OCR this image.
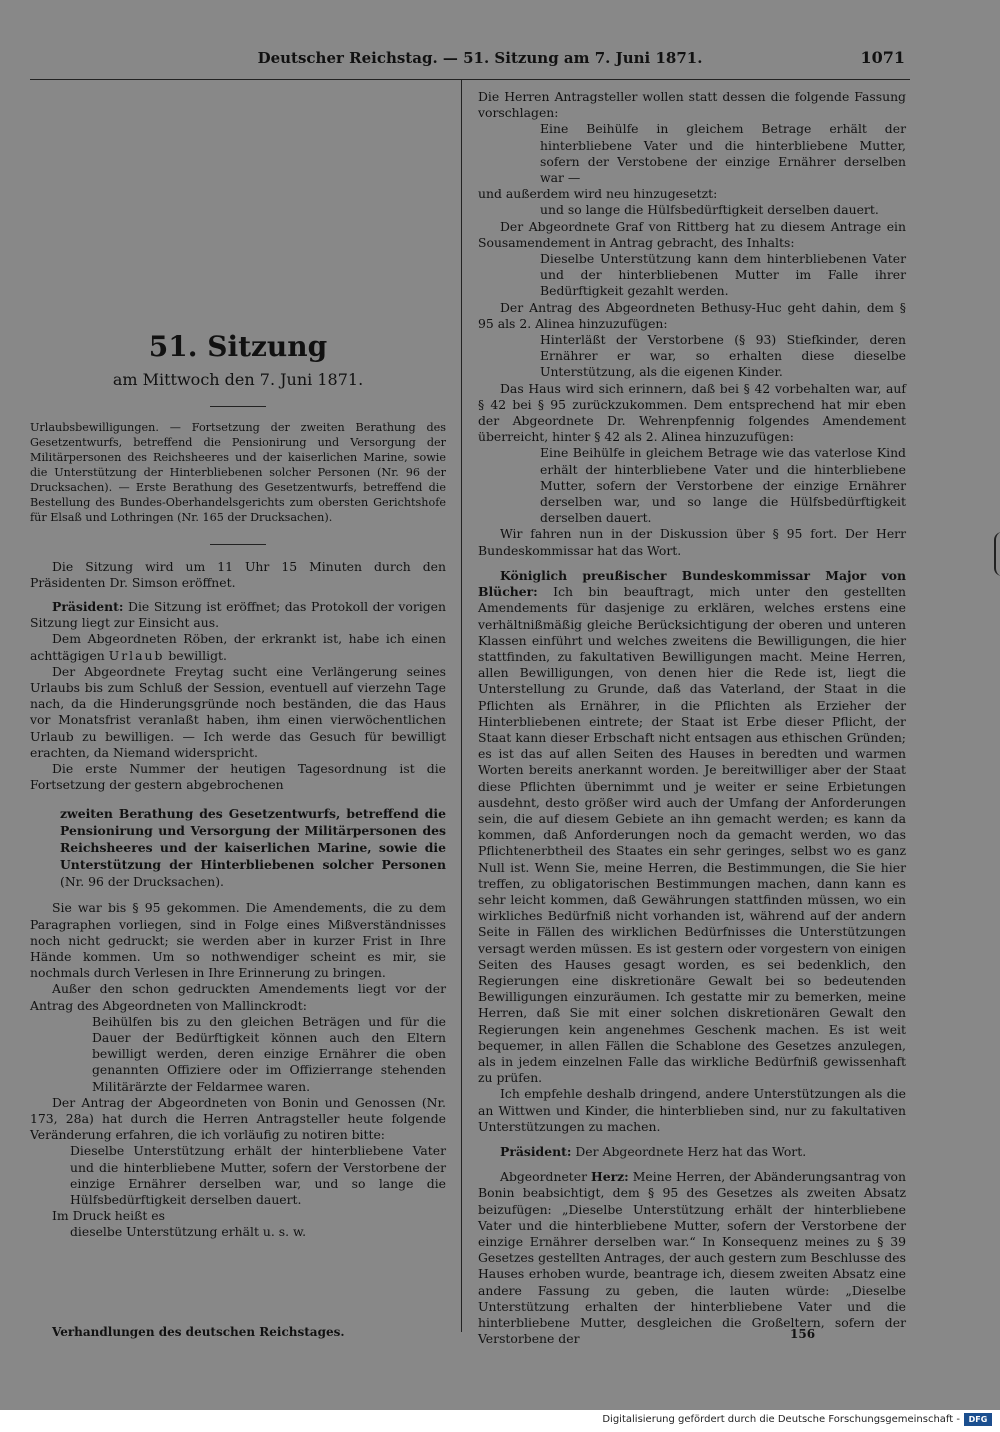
Deutscher Reichstag. — 51. Sitzung am 7. Juni 1871.	1071

51. Sitzung

am Mittwoch den 7. Juni 1871.

Urlaubsbewilligungen. — Fortsetzung der zweiten Berathung des Gesetzentwurfs, betreffend die Pensionirung und Versorgung der Militärpersonen des Reichsheeres und der kaiserlichen Marine, sowie die Unterstützung der Hinterbliebenen solcher Personen (Nr. 96 der Drucksachen). — Erste Berathung des Gesetzentwurfs, betreffend die Bestellung des Bundes-Oberhandelsgerichts zum obersten Gerichtshofe für Elsaß und Lothringen (Nr. 165 der Drucksachen).

Die Sitzung wird um 11 Uhr 15 Minuten durch den Präsidenten Dr. Simson eröffnet.

Präsident: Die Sitzung ist eröffnet; das Protokoll der vorigen Sitzung liegt zur Einsicht aus.

Dem Abgeordneten Röben, der erkrankt ist, habe ich einen achttägigen Urlaub bewilligt.

Der Abgeordnete Freytag sucht eine Verlängerung seines Urlaubs bis zum Schluß der Session, eventuell auf vierzehn Tage nach, da die Hinderungsgründe noch beständen, die das Haus vor Monatsfrist veranlaßt haben, ihm einen vierwöchentlichen Urlaub zu bewilligen. — Ich werde das Gesuch für bewilligt erachten, da Niemand widerspricht.

Die erste Nummer der heutigen Tagesordnung ist die Fortsetzung der gestern abgebrochenen

zweiten Berathung des Gesetzentwurfs, betreffend die Pensionirung und Versorgung der Militärpersonen des Reichsheeres und der kaiserlichen Marine, sowie die Unterstützung der Hinterbliebenen solcher Personen (Nr. 96 der Drucksachen).

Sie war bis § 95 gekommen. Die Amendements, die zu dem Paragraphen vorliegen, sind in Folge eines Mißverständnisses noch nicht gedruckt; sie werden aber in kurzer Frist in Ihre Hände kommen. Um so nothwendiger scheint es mir, sie nochmals durch Verlesen in Ihre Erinnerung zu bringen.

Außer den schon gedruckten Amendements liegt vor der Antrag des Abgeordneten von Mallinckrodt:

Beihülfen bis zu den gleichen Beträgen und für die Dauer der Bedürftigkeit können auch den Eltern bewilligt werden, deren einzige Ernährer die oben genannten Offiziere oder im Offizierrange stehenden Militärärzte der Feldarmee waren.

Der Antrag der Abgeordneten von Bonin und Genossen (Nr. 173, 28a) hat durch die Herren Antragsteller heute folgende Veränderung erfahren, die ich vorläufig zu notiren bitte:

Dieselbe Unterstützung erhält der hinterbliebene Vater und die hinterbliebene Mutter, sofern der Verstorbene der einzige Ernährer derselben war, und so lange die Hülfsbedürftigkeit derselben dauert.

Im Druck heißt es

dieselbe Unterstützung erhält u. s. w.

Die Herren Antragsteller wollen statt dessen die folgende Fassung vorschlagen:

Eine Beihülfe in gleichem Betrage erhält der hinterbliebene Vater und die hinterbliebene Mutter, sofern der Verstobene der einzige Ernährer derselben war —

und außerdem wird neu hinzugesetzt:

und so lange die Hülfsbedürftigkeit derselben dauert.

Der Abgeordnete Graf von Rittberg hat zu diesem Antrage ein Sousamendement in Antrag gebracht, des Inhalts:

Dieselbe Unterstützung kann dem hinterbliebenen Vater und der hinterbliebenen Mutter im Falle ihrer Bedürftigkeit gezahlt werden.

Der Antrag des Abgeordneten Bethusy-Huc geht dahin, dem § 95 als 2. Alinea hinzuzufügen:

Hinterläßt der Verstorbene (§ 93) Stiefkinder, deren Ernährer er war, so erhalten diese dieselbe Unterstützung, als die eigenen Kinder.

Das Haus wird sich erinnern, daß bei § 42 vorbehalten war, auf § 42 bei § 95 zurückzukommen. Dem entsprechend hat mir eben der Abgeordnete Dr. Wehrenpfennig folgendes Amendement überreicht, hinter § 42 als 2. Alinea hinzuzufügen:

Eine Beihülfe in gleichem Betrage wie das vaterlose Kind erhält der hinterbliebene Vater und die hinterbliebene Mutter, sofern der Verstorbene der einzige Ernährer derselben war, und so lange die Hülfsbedürftigkeit derselben dauert.

Wir fahren nun in der Diskussion über § 95 fort. Der Herr Bundeskommissar hat das Wort.

Königlich preußischer Bundeskommissar Major von Blücher: Ich bin beauftragt, mich unter den gestellten Amendements für dasjenige zu erklären, welches erstens eine verhältnißmäßig gleiche Berücksichtigung der oberen und unteren Klassen einführt und welches zweitens die Bewilligungen, die hier stattfinden, zu fakultativen Bewilligungen macht. Meine Herren, allen Bewilligungen, von denen hier die Rede ist, liegt die Unterstellung zu Grunde, daß das Vaterland, der Staat in die Pflichten als Ernährer, in die Pflichten als Erzieher der Hinterbliebenen eintrete; der Staat ist Erbe dieser Pflicht, der Staat kann dieser Erbschaft nicht entsagen aus ethischen Gründen; es ist das auf allen Seiten des Hauses in beredten und warmen Worten bereits anerkannt worden. Je bereitwilliger aber der Staat diese Pflichten übernimmt und je weiter er seine Erbietungen ausdehnt, desto größer wird auch der Umfang der Anforderungen sein, die auf diesem Gebiete an ihn gemacht werden; es kann da kommen, daß Anforderungen noch da gemacht werden, wo das Pflichtenerbtheil des Staates ein sehr geringes, selbst wo es ganz Null ist. Wenn Sie, meine Herren, die Bestimmungen, die Sie hier treffen, zu obligatorischen Bestimmungen machen, dann kann es sehr leicht kommen, daß Gewährungen stattfinden müssen, wo ein wirkliches Bedürfniß nicht vorhanden ist, während auf der andern Seite in Fällen des wirklichen Bedürfnisses die Unterstützungen versagt werden müssen. Es ist gestern oder vorgestern von einigen Seiten des Hauses gesagt worden, es sei bedenklich, den Regierungen eine diskretionäre Gewalt bei so bedeutenden Bewilligungen einzuräumen. Ich gestatte mir zu bemerken, meine Herren, daß Sie mit einer solchen diskretionären Gewalt den Regierungen kein angenehmes Geschenk machen. Es ist weit bequemer, in allen Fällen die Schablone des Gesetzes anzulegen, als in jedem einzelnen Falle das wirkliche Bedürfniß gewissenhaft zu prüfen.

Ich empfehle deshalb dringend, andere Unterstützungen als die an Wittwen und Kinder, die hinterblieben sind, nur zu fakultativen Unterstützungen zu machen.

Präsident: Der Abgeordnete Herz hat das Wort.

Abgeordneter Herz: Meine Herren, der Abänderungsantrag von Bonin beabsichtigt, dem § 95 des Gesetzes als zweiten Absatz beizufügen: „Dieselbe Unterstützung erhält der hinterbliebene Vater und die hinterbliebene Mutter, sofern der Verstorbene der einzige Ernährer derselben war.“ In Konsequenz meines zu § 39 Gesetzes gestellten Antrages, der auch gestern zum Beschlusse des Hauses erhoben wurde, beantrage ich, diesem zweiten Absatz eine andere Fassung zu geben, die lauten würde: „Dieselbe Unterstützung erhalten der hinterbliebene Vater und die hinterbliebene Mutter, desgleichen die Großeltern, sofern der Verstorbene der

Verhandlungen des deutschen Reichstages.	156
Digitalisierung gefördert durch die Deutsche Forschungsgemeinschaft -	DFG
